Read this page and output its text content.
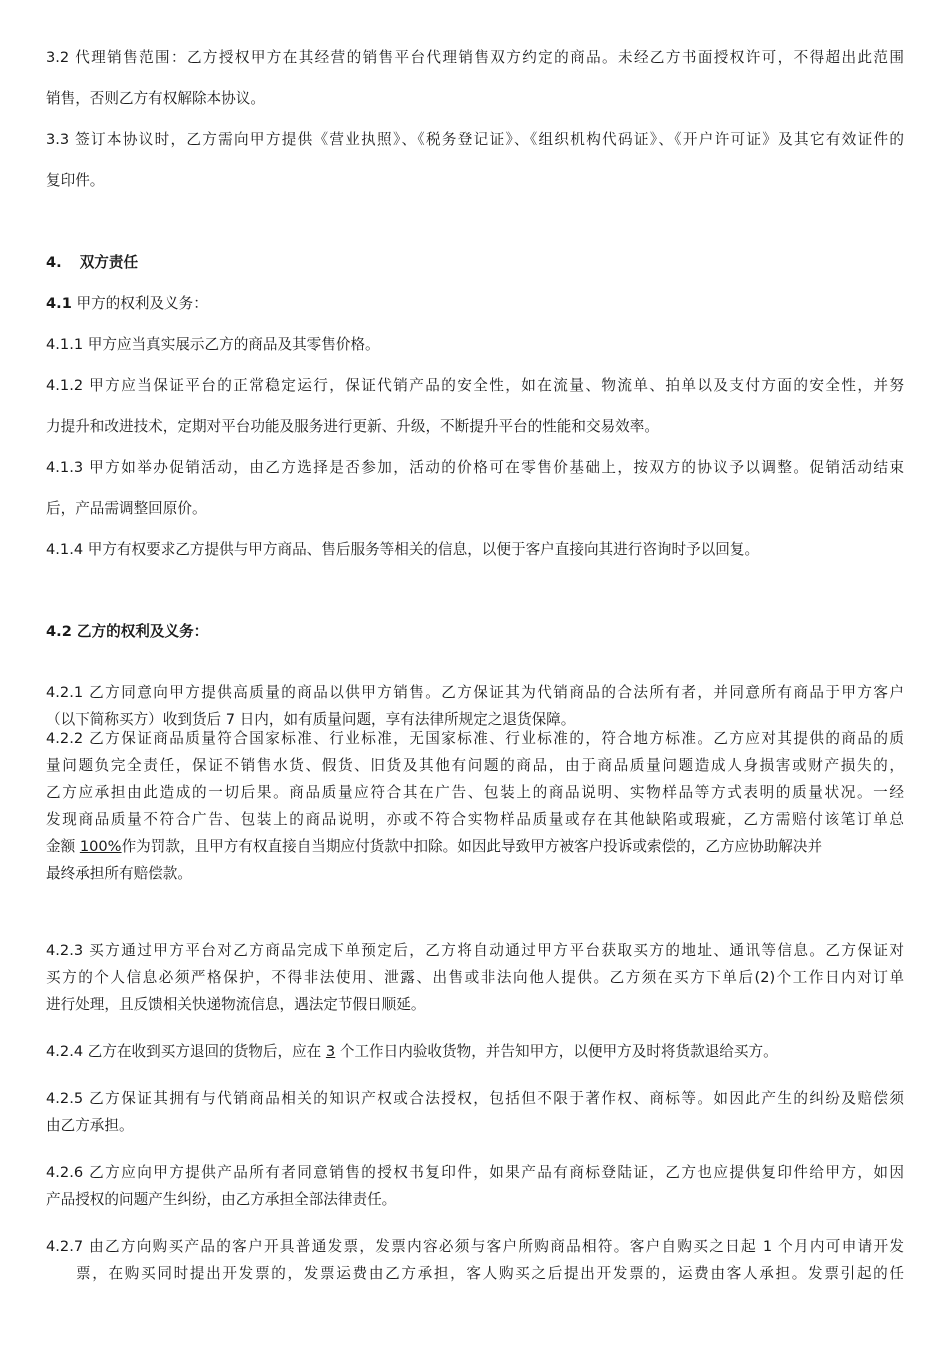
3.2 代理销售范围：乙方授权甲方在其经营的销售平台代理销售双方约定的商品。未经乙方书面授权许可，不得超出此范围
销售，否则乙方有权解除本协议。
3.3 签订本协议时，乙方需向甲方提供《营业执照》、《税务登记证》、《组织机构代码证》、《开户许可证》及其它有效证件的
复印件。
4. 双方责任
4.1 甲方的权利及义务：
4.1.1 甲方应当真实展示乙方的商品及其零售价格。
4.1.2 甲方应当保证平台的正常稳定运行，保证代销产品的安全性，如在流量、物流单、拍单以及支付方面的安全性，并努
力提升和改进技术，定期对平台功能及服务进行更新、升级，不断提升平台的性能和交易效率。
4.1.3 甲方如举办促销活动，由乙方选择是否参加，活动的价格可在零售价基础上，按双方的协议予以调整。促销活动结束
后，产品需调整回原价。
4.1.4 甲方有权要求乙方提供与甲方商品、售后服务等相关的信息，以便于客户直接向其进行咨询时予以回复。
4.2 乙方的权利及义务：
4.2.1 乙方同意向甲方提供高质量的商品以供甲方销售。乙方保证其为代销商品的合法所有者，并同意所有商品于甲方客户
（以下简称买方）收到货后 7 日内，如有质量问题，享有法律所规定之退货保障。
4.2.2 乙方保证商品质量符合国家标准、行业标准，无国家标准、行业标准的，符合地方标准。乙方应对其提供的商品的质
量问题负完全责任，保证不销售水货、假货、旧货及其他有问题的商品，由于商品质量问题造成人身损害或财产损失的，
乙方应承担由此造成的一切后果。商品质量应符合其在广告、包装上的商品说明、实物样品等方式表明的质量状况。一经
发现商品质量不符合广告、包装上的商品说明，亦或不符合实物样品质量或存在其他缺陷或瑕疵，乙方需赔付该笔订单总
金额 100%作为罚款，且甲方有权直接自当期应付货款中扣除。如因此导致甲方被客户投诉或索偿的，乙方应协助解决并
最终承担所有赔偿款。
4.2.3 买方通过甲方平台对乙方商品完成下单预定后，乙方将自动通过甲方平台获取买方的地址、通讯等信息。乙方保证对
买方的个人信息必须严格保护，不得非法使用、泄露、出售或非法向他人提供。乙方须在买方下单后(2)个工作日内对订单
进行处理，且反馈相关快递物流信息，遇法定节假日顺延。
4.2.4 乙方在收到买方退回的货物后，应在 3 个工作日内验收货物，并告知甲方，以便甲方及时将货款退给买方。
4.2.5 乙方保证其拥有与代销商品相关的知识产权或合法授权，包括但不限于著作权、商标等。如因此产生的纠纷及赔偿须
由乙方承担。
4.2.6 乙方应向甲方提供产品所有者同意销售的授权书复印件，如果产品有商标登陆证，乙方也应提供复印件给甲方，如因
产品授权的问题产生纠纷，由乙方承担全部法律责任。
4.2.7 由乙方向购买产品的客户开具普通发票，发票内容必须与客户所购商品相符。客户自购买之日起 1 个月内可申请开发
票，在购买同时提出开发票的，发票运费由乙方承担，客人购买之后提出开发票的，运费由客人承担。发票引起的任
